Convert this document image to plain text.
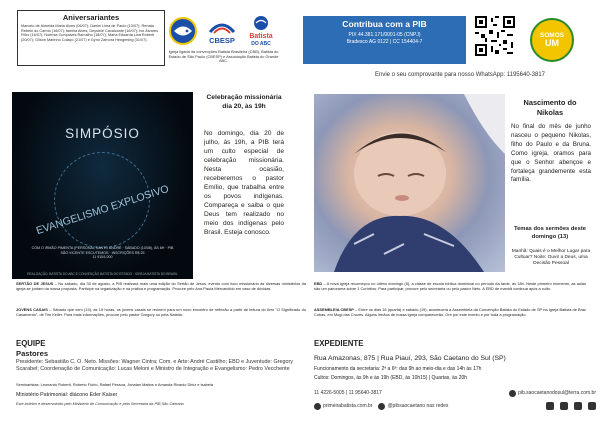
Aniversariantes
Marcelo de Almeida Maria Alves (06/07); Daniel Lima de Paulo (13/07); Renata Rebelo do Carmo (16/07); família Alves; Deysiele Cavalcante (16/07); Ivo Álvares Filho (16/07); Noêmia Gonçalves Ramalho (18/07); Maria Eduarda Lisa Roberti (20/07); Gilson Marinho Colaço (21/07) e Gyno Zamora Hengening (31/07).	CBESP Batista
DO ABC
Igreja ligada da convenções Batista Brasileira (CBB), Batista do Estado de São Paulo (CBESP) e Associação Batista do Grande ABC.
Contribua com a PIB
PIX 44.381.171/0001-05 (CNPJ)
Bradesco AG 0122 | CC 154404-7
SOMOS
UM
Envie o seu comprovante para nosso WhatsApp: 1195640-3817
SIMPÓSIO
EVANGELISMO EXPLOSIVO
COM O IRMÃO PIMENTA (PERSONAL SANTO ANDRÉ · SÁBADO (10/08), ÀS 8H · PIB SÃO VICENTE ESCUTEMOS · INSCRIÇÕES R$ 25
11 9154-000
REALIZAÇÃO: BATISTA DO ABC E CONVENÇÃO BATISTA DO ESTADO · IGREJA BATISTA DO BRASIL
Celebração missionária dia 20, às 19h
No domingo, dia 20 de julho, às 19h, a PIB terá um culto especial de celebração missionária. Nesta ocasião, receberemos o pastor Emílio, que trabalha entre os povos indígenas. Compareça e saiba o que Deus tem realizado no meio dos indígenas pelo Brasil. Esteja conosco.
Nascimento do Nikolas
No final do mês de junho nasceu o pequeno Nikolas, filho do Paulo e da Bruna. Como igreja, oramos para que o Senhor abençoe e fortaleça grandemente esta família.
Temas dos sermões deste domingo (13)
Manhã: Quais é o Melhor Lugar para Cultuar? Noite: Ouvir a Deus, uma Decisão Pessoal
SERTÃO DE JESUS – No sábado, dia 30 de agosto, a PIB realizará mais uma edição do Sertão de Jesus, evento com foco missionário às diversas ministérios da igreja se juntam da nossa proposta. Participe na organização e na prática e programação. Procure pelo Ana Paula Mercandido em caso de dúvidas.
JOVENS CASAIS – Sábado que vem (19), às 19 horas, os jovens casais se reúnem para um novo encontro de reflexão a partir de leitura do livro "O Significado do Casamento", de Tim Keller. Para mais informações, procure pelo pastor Gregory ou pela Natália.
EBD – A nova igreja recomeçou no último domingo (6), a classe de escola bíblica dominical no período da tarde, às 18h. Neste primeiro momento, as aulas são um panorama sobre 1 Coríntios. Para participar, procure pelo secretaria ou pelo pastor Neto. A EBD de manhã continua após a culto.
ASSEMBLEIA CBESP – Entre os dias 16 (quarta) e sábado (19), acontecerá a Assembleia da Convenção Batista do Estado de SP na Igreja Batista de Braz Cubas, em Mogi das Cruzes. Alguns irmãos de nossa igreja comparecerão. Ore por este evento e por toda a programação.
EQUIPE
Pastores
Presidente: Sebastião C. O. Neto. Missões: Wagner Cintra; Com. e Arte: André Castilho; EBD e Juventude: Gregory Scarabel; Coordenação de Comunicação: Lucas Meloni e Ministro de Integração e Evangelismo: Pedro Vecchente
Seminaristas: Leonardo Roberti, Roberto Fiório, Rafael Pessoa, Jonatan Mattos e Amanda Rivanio Diniz e Isabela
Ministério Patrimonial: diácono Eder Kaiser
Este boletim é desenvolvido pelo Ministério de Comunicação e pela Secretaria da PIB São Caetano
EXPEDIENTE
Rua Amazonas, 875 | Rua Piauí, 293, São Caetano do Sul (SP)
Funcionamento da secretaria: 2ª a 6ª: das 9h ao meio-dia e das 14h às 17h
Cultos: Domingos, às 9h e às 19h (EBD, às 10h15) | Quartas, às 20h
11 4226-5005 | 11 95640-3817	pib.saocaetanodosul@terra.com.br
primeirabatista.com.br	@pibsaocaetano nas redes
